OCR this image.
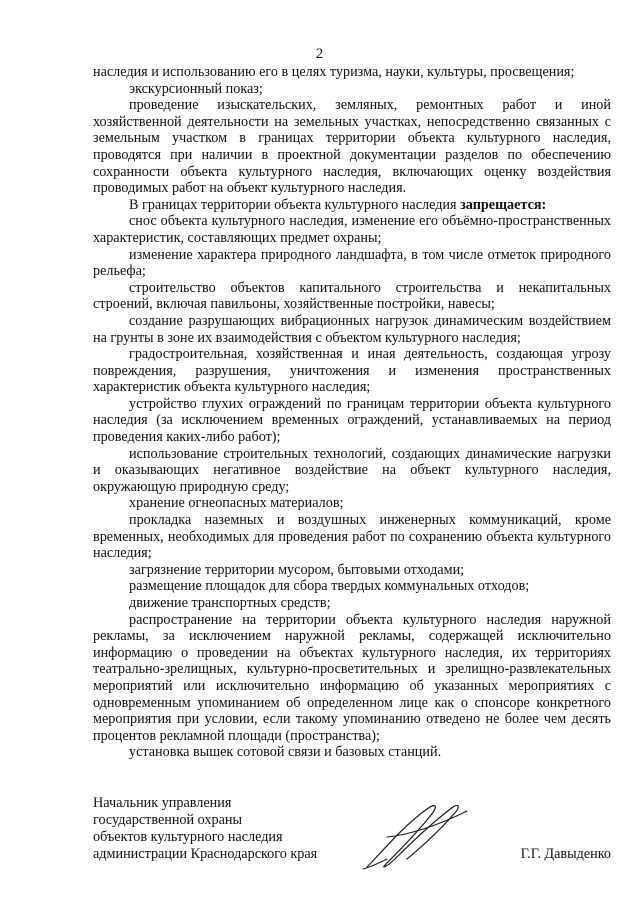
2

наследия и использованию его в целях туризма, науки, культуры, просвещения;

экскурсионный показ;

проведение изыскательских, земляных, ремонтных работ и иной хозяйственной деятельности на земельных участках, непосредственно связанных с земельным участком в границах территории объекта культурного наследия, проводятся при наличии в проектной документации разделов по обеспечению сохранности объекта культурного наследия, включающих оценку воздействия проводимых работ на объект культурного наследия.

В границах территории объекта культурного наследия запрещается:

снос объекта культурного наследия, изменение его объёмно-пространственных характеристик, составляющих предмет охраны;

изменение характера природного ландшафта, в том числе отметок природного рельефа;

строительство объектов капитального строительства и некапитальных строений, включая павильоны, хозяйственные постройки, навесы;

создание разрушающих вибрационных нагрузок динамическим воздействием на грунты в зоне их взаимодействия с объектом культурного наследия;

градостроительная, хозяйственная и иная деятельность, создающая угрозу повреждения, разрушения, уничтожения и изменения пространственных характеристик объекта культурного наследия;

устройство глухих ограждений по границам территории объекта культурного наследия (за исключением временных ограждений, устанавливаемых на период проведения каких-либо работ);

использование строительных технологий, создающих динамические нагрузки и оказывающих негативное воздействие на объект культурного наследия, окружающую природную среду;

хранение огнеопасных материалов;

прокладка наземных и воздушных инженерных коммуникаций, кроме временных, необходимых для проведения работ по сохранению объекта культурного наследия;

загрязнение территории мусором, бытовыми отходами;

размещение площадок для сбора твердых коммунальных отходов;

движение транспортных средств;

распространение на территории объекта культурного наследия наружной рекламы, за исключением наружной рекламы, содержащей исключительно информацию о проведении на объектах культурного наследия, их территориях театрально-зрелищных, культурно-просветительных и зрелищно-развлекательных мероприятий или исключительно информацию об указанных мероприятиях с одновременным упоминанием об определенном лице как о спонсоре конкретного мероприятия при условии, если такому упоминанию отведено не более чем десять процентов рекламной площади (пространства);

установка вышек сотовой связи и базовых станций.

Начальник управления
государственной охраны
объектов культурного наследия
администрации Краснодарского края	Г.Г. Давыденко
